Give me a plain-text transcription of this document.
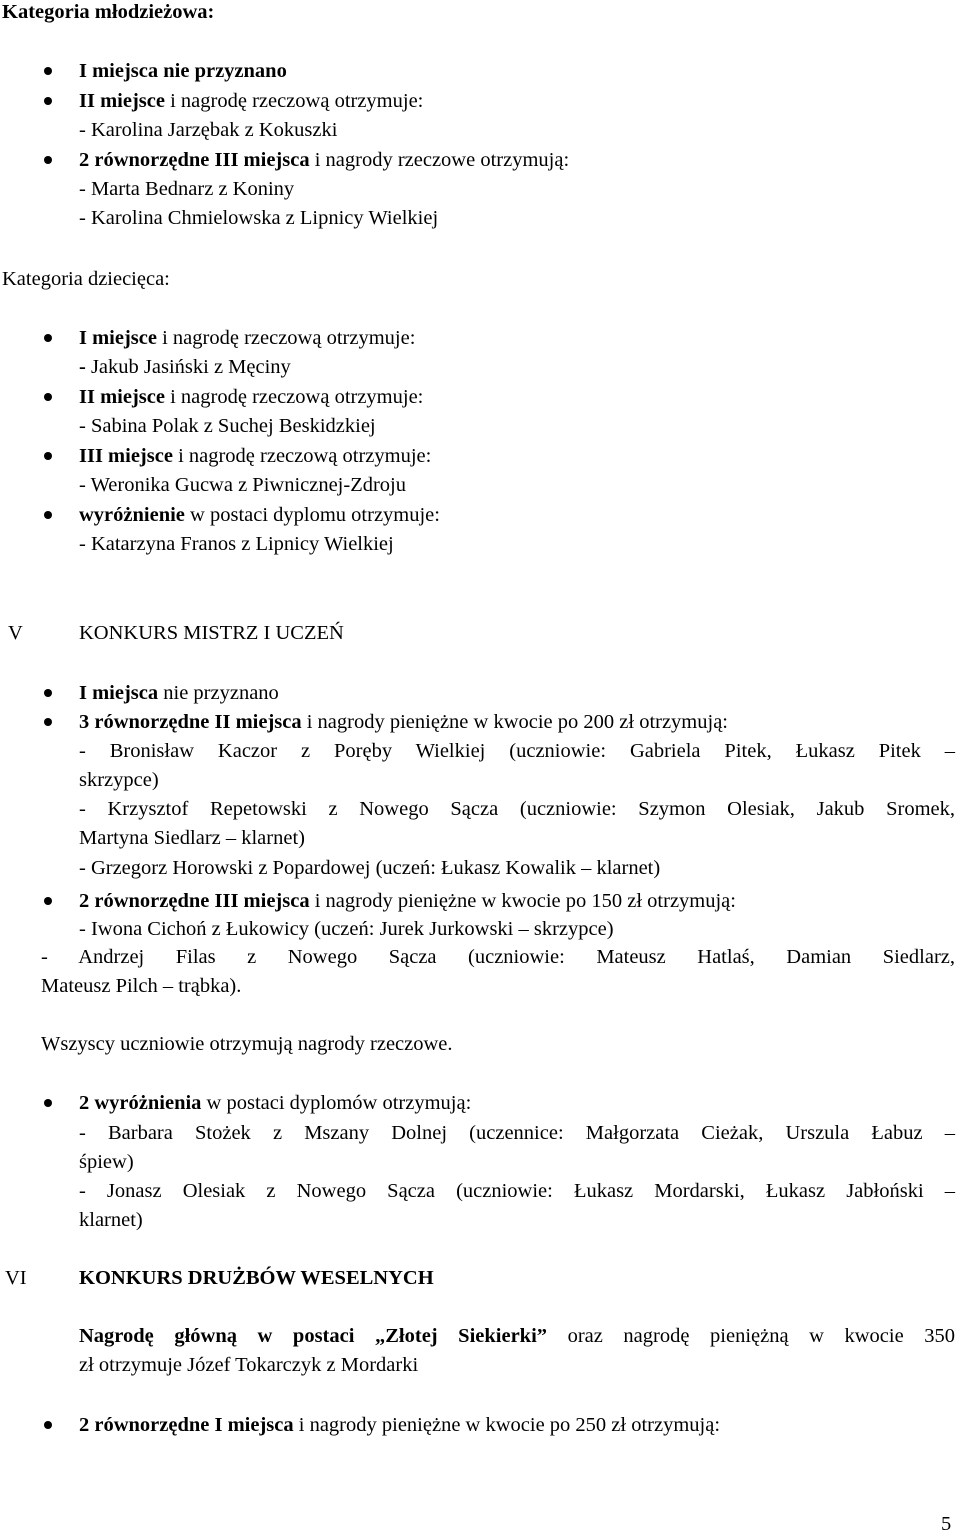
Kategoria młodzieżowa:
I miejsca nie przyznano
II miejsce i nagrodę rzeczową otrzymuje:
- Karolina Jarzębak z Kokuszki
2 równorzędne III miejsca i nagrody rzeczowe otrzymują:
- Marta Bednarz z Koniny
- Karolina Chmielowska z Lipnicy Wielkiej
Kategoria dziecięca:
I miejsce i nagrodę rzeczową otrzymuje:
- Jakub Jasiński z Męciny
II miejsce i nagrodę rzeczową otrzymuje:
- Sabina Polak z Suchej Beskidzkiej
III miejsce i nagrodę rzeczową otrzymuje:
- Weronika Gucwa z Piwnicznej-Zdroju
wyróżnienie w postaci dyplomu otrzymuje:
- Katarzyna Franos z Lipnicy Wielkiej
V	KONKURS MISTRZ I UCZEŃ
I miejsca nie przyznano
3 równorzędne II miejsca i nagrody pieniężne w kwocie po 200 zł otrzymują:
- Bronisław Kaczor z Poręby Wielkiej (uczniowie: Gabriela Pitek, Łukasz Pitek –
skrzypce)
- Krzysztof Repetowski z Nowego Sącza (uczniowie: Szymon Olesiak, Jakub Sromek,
Martyna Siedlarz – klarnet)
- Grzegorz Horowski z Popardowej (uczeń: Łukasz Kowalik – klarnet)
2 równorzędne III miejsca i nagrody pieniężne w kwocie po 150 zł otrzymują:
- Iwona Cichoń z Łukowicy (uczeń: Jurek Jurkowski – skrzypce)
- Andrzej Filas z Nowego Sącza (uczniowie: Mateusz Hatlaś, Damian Siedlarz,
Mateusz Pilch – trąbka).
Wszyscy uczniowie otrzymują nagrody rzeczowe.
2 wyróżnienia w postaci dyplomów otrzymują:
- Barbara Stożek z Mszany Dolnej (uczennice: Małgorzata Cieżak, Urszula Łabuz –
śpiew)
- Jonasz Olesiak z Nowego Sącza (uczniowie: Łukasz Mordarski, Łukasz Jabłoński –
klarnet)
VI	KONKURS DRUŻBÓW WESELNYCH
Nagrodę główną w postaci „Złotej Siekierki” oraz nagrodę pieniężną w kwocie 350
zł otrzymuje Józef Tokarczyk z Mordarki
2 równorzędne I miejsca i nagrody pieniężne w kwocie po 250 zł otrzymują:
5
